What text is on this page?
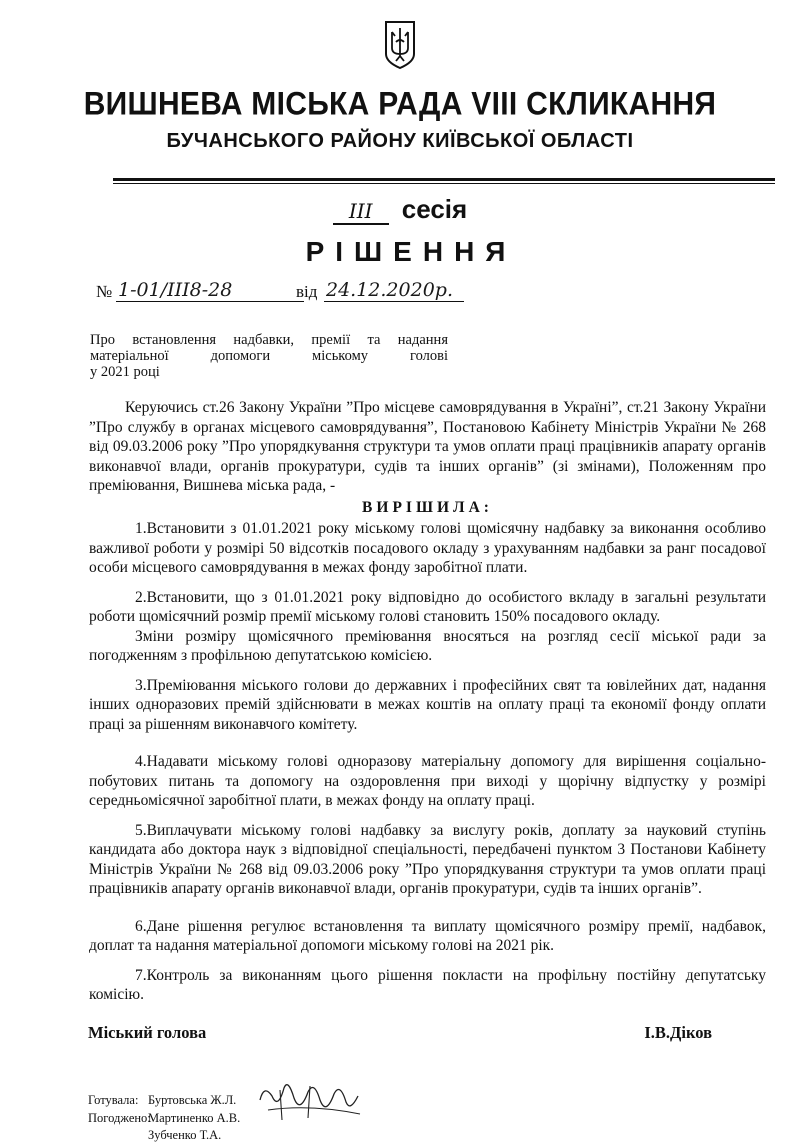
ВИШНЕВА МІСЬКА РАДА VIII СКЛИКАННЯ
БУЧАНСЬКОГО РАЙОНУ КИЇВСЬКОЇ ОБЛАСТІ
III сесія
РІШЕННЯ
№ 1-01/III8-28	від 24.12.2020р.
Про встановлення надбавки, премії та надання
матеріальної допомоги міському голові
у 2021 році

Керуючись ст.26 Закону України ”Про місцеве самоврядування в Україні”, ст.21 Закону України ”Про службу в органах місцевого самоврядування”, Постановою Кабінету Міністрів України № 268 від 09.03.2006 року ”Про упорядкування структури та умов оплати праці працівників апарату органів виконавчої влади, органів прокуратури, судів та інших органів” (зі змінами), Положенням про преміювання, Вишнева міська рада, -

ВИРІШИЛА:

1.Встановити з 01.01.2021 року міському голові щомісячну надбавку за виконання особливо важливої роботи у розмірі 50 відсотків посадового окладу з урахуванням надбавки за ранг посадової особи місцевого самоврядування в межах фонду заробітної плати.

2.Встановити, що з 01.01.2021 року відповідно до особистого вкладу в загальні результати роботи щомісячний розмір премії міському голові становить 150% посадового окладу.

Зміни розміру щомісячного преміювання вносяться на розгляд сесії міської ради за погодженням з профільною депутатською комісією.

3.Преміювання міського голови до державних і професійних свят та ювілейних дат, надання інших одноразових премій здійснювати в межах коштів на оплату праці та економії фонду оплати праці за рішенням виконавчого комітету.

4.Надавати міському голові одноразову матеріальну допомогу для вирішення соціально-побутових питань та допомогу на оздоровлення при виході у щорічну відпустку у розмірі середньомісячної заробітної плати, в межах фонду на оплату праці.

5.Виплачувати міському голові надбавку за вислугу років, доплату за науковий ступінь кандидата або доктора наук з відповідної спеціальності, передбачені пунктом 3 Постанови Кабінету Міністрів України № 268 від 09.03.2006 року ”Про упорядкування структури та умов оплати праці працівників апарату органів виконавчої влади, органів прокуратури, судів та інших органів”.

6.Дане рішення регулює встановлення та виплату щомісячного розміру премії, надбавок, доплат та надання матеріальної допомоги міському голові на 2021 рік.

7.Контроль за виконанням цього рішення покласти на профільну постійну депутатську комісію.

Міський голова	І.В.Діков
Готувала: Буртовська Ж.Л.
Погоджено:Мартиненко А.В.
Зубченко Т.А.
